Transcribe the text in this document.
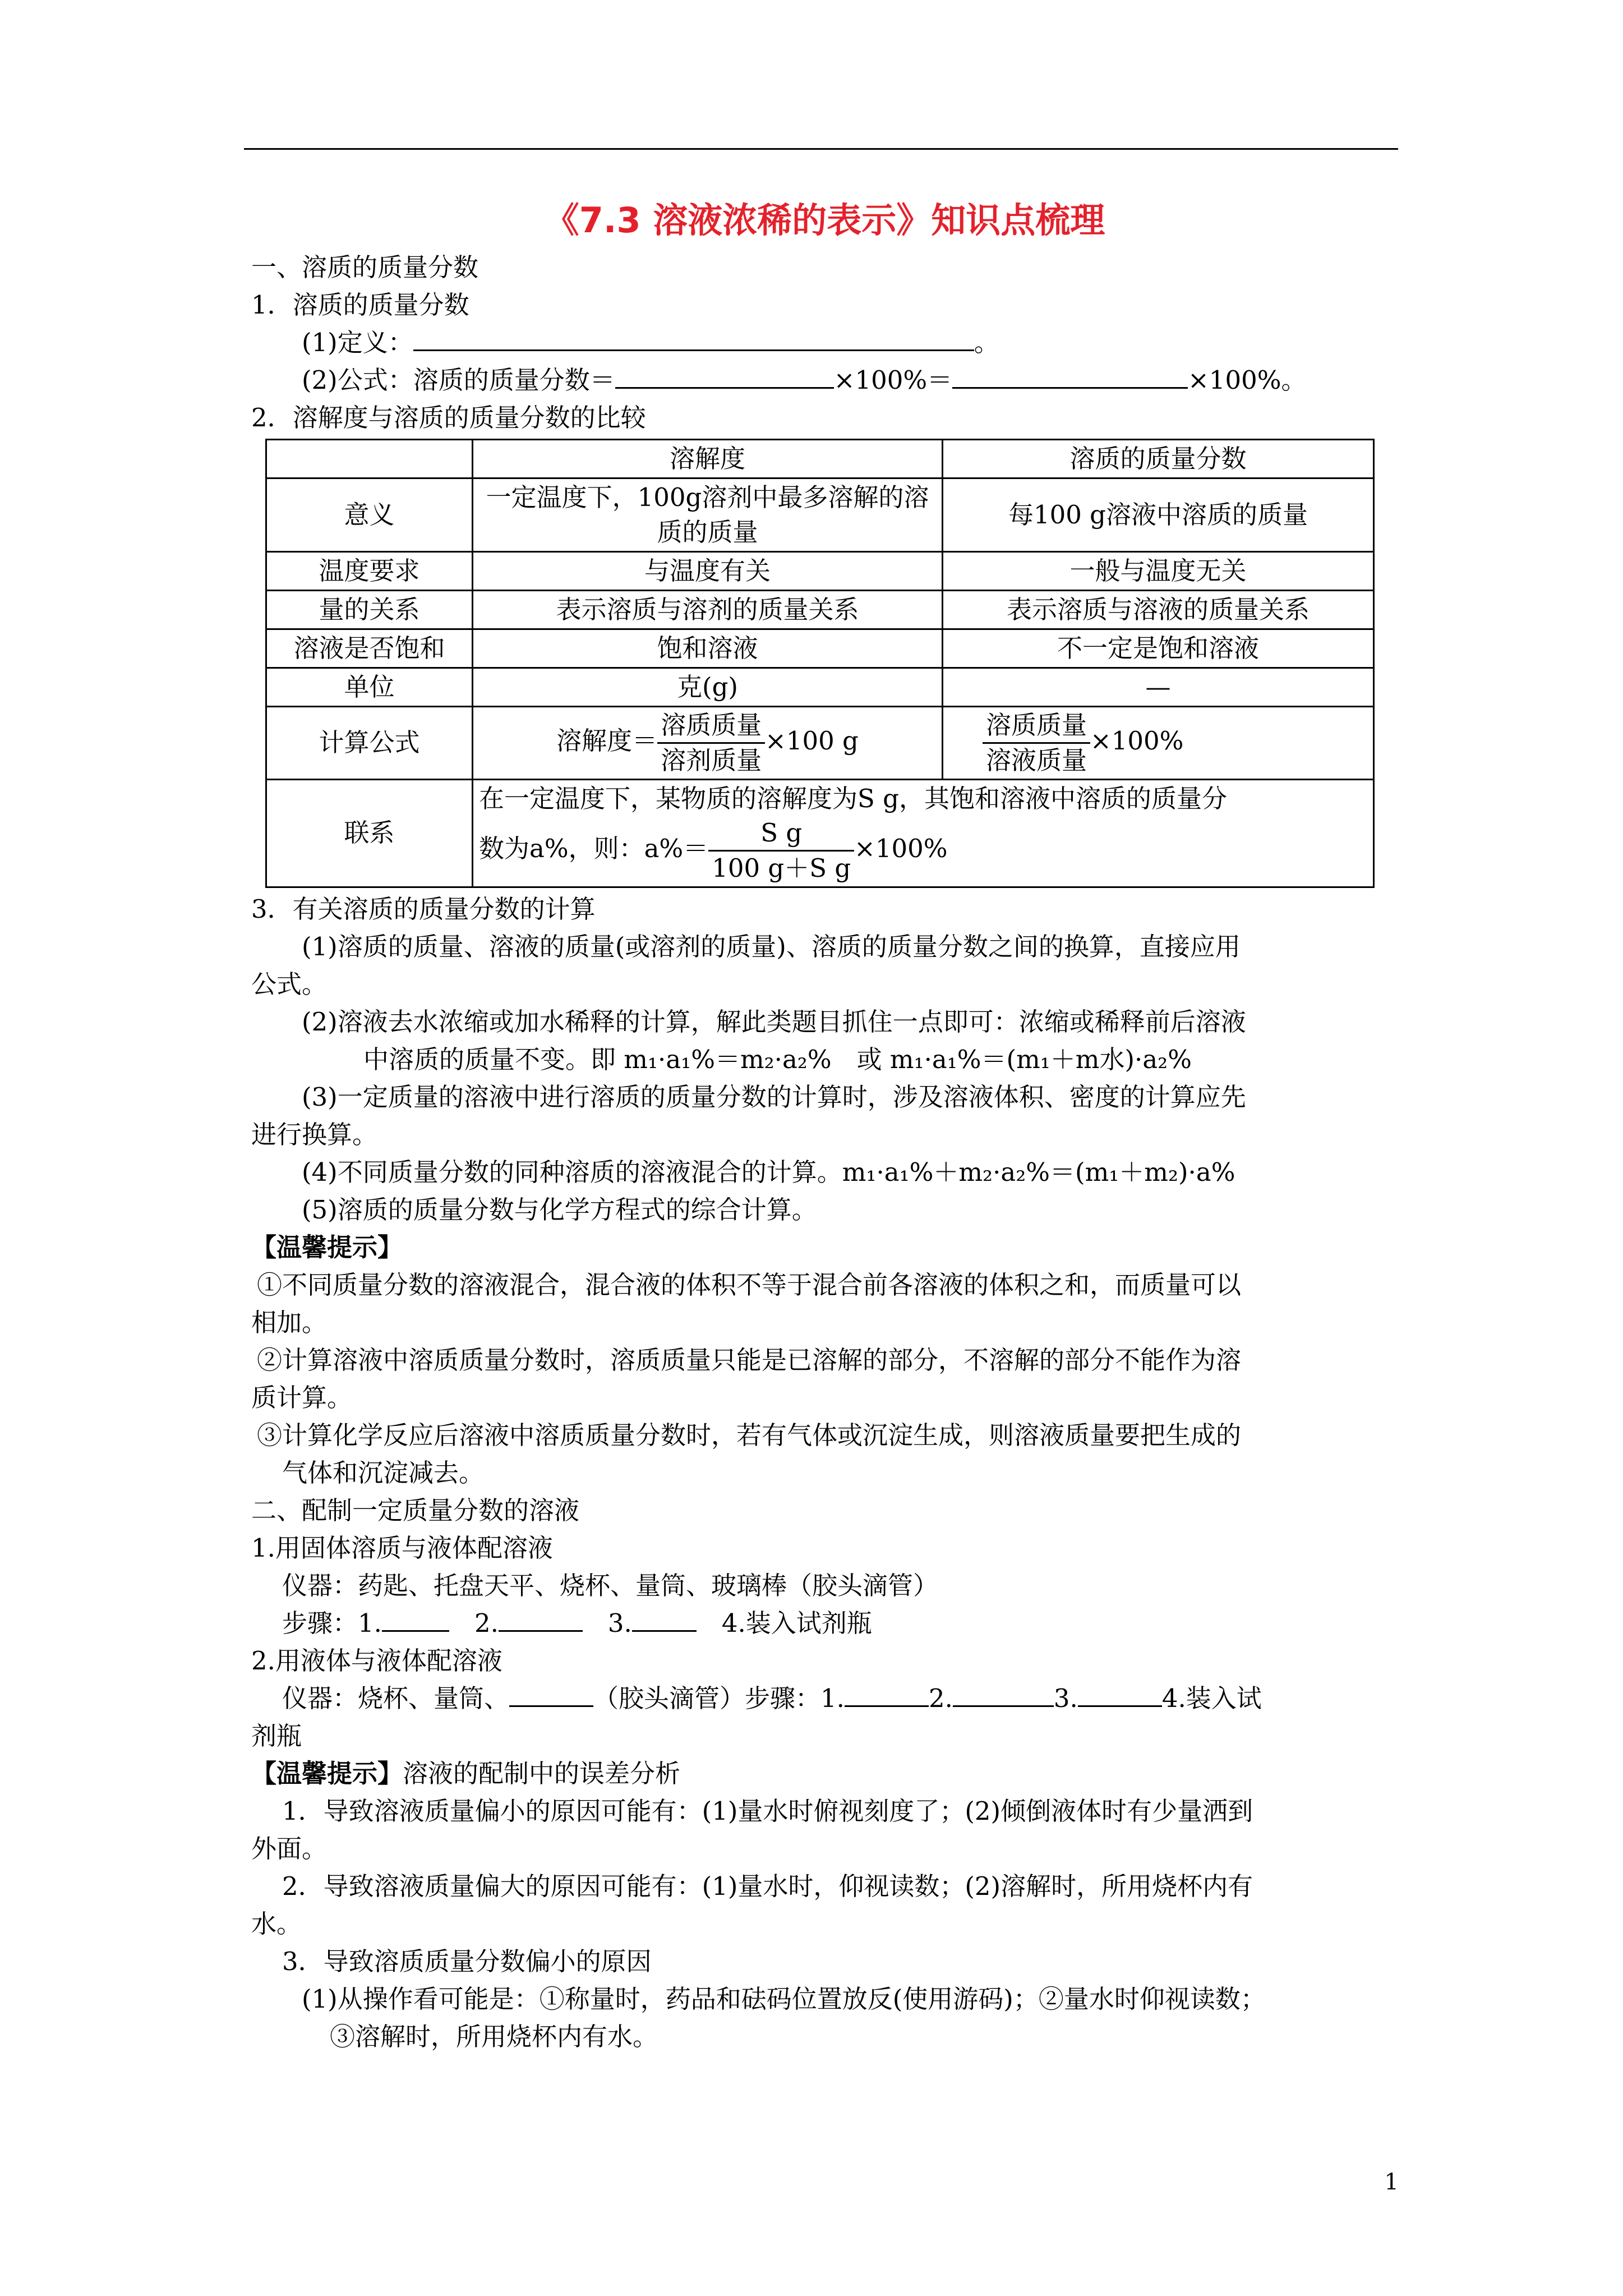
《7.3 溶液浓稀的表示》知识点梳理
一、溶质的质量分数
1．溶质的质量分数
(1)定义：	。
(2)公式：溶质的质量分数＝	×100%＝	×100%。
2．溶解度与溶质的质量分数的比较
	溶解度	溶质的质量分数
意义	一定温度下，100g溶剂中最多溶解的溶质的质量	每100 g溶液中溶质的质量
温度要求	与温度有关	一般与温度无关
量的关系	表示溶质与溶剂的质量关系	表示溶质与溶液的质量关系
溶液是否饱和	饱和溶液	不一定是饱和溶液
单位	克(g)	—
计算公式	溶解度＝ $\frac{\text{溶质质量}}{\text{溶剂质量}} \times 100$ g	$\frac{\text{溶质质量}}{\text{溶液质量}} \times 100\%$
联系	在一定温度下，某物质的溶解度为S g，其饱和溶液中溶质的质量分
数为a%，则：$a\%= \frac{\text{S g}}{\text{100 g＋S g}} \times 100\%$	
3．有关溶质的质量分数的计算
(1)溶质的质量、溶液的质量(或溶剂的质量)、溶质的质量分数之间的换算，直接应用
公式。
(2)溶液去水浓缩或加水稀释的计算，解此类题目抓住一点即可：浓缩或稀释前后溶液
中溶质的质量不变。即 m₁·a₁%＝m₂·a₂%　或 m₁·a₁%＝(m₁＋m水)·a₂%
(3)一定质量的溶液中进行溶质的质量分数的计算时，涉及溶液体积、密度的计算应先
进行换算。
(4)不同质量分数的同种溶质的溶液混合的计算。m₁·a₁%＋m₂·a₂%＝(m₁＋m₂)·a%
(5)溶质的质量分数与化学方程式的综合计算。
【温馨提示】
①不同质量分数的溶液混合，混合液的体积不等于混合前各溶液的体积之和，而质量可以
相加。
②计算溶液中溶质质量分数时，溶质质量只能是已溶解的部分，不溶解的部分不能作为溶
质计算。
③计算化学反应后溶液中溶质质量分数时，若有气体或沉淀生成，则溶液质量要把生成的
气体和沉淀减去。
二、配制一定质量分数的溶液
1.用固体溶质与液体配溶液
仪器：药匙、托盘天平、烧杯、量筒、玻璃棒（胶头滴管）
步骤：1.　	2.　	3.　	4.装入试剂瓶
2.用液体与液体配溶液
仪器：烧杯、量筒、	（胶头滴管）步骤：1.	2.	3.	4.装入试
剂瓶
【温馨提示】溶液的配制中的误差分析
1．导致溶液质量偏小的原因可能有：(1)量水时俯视刻度了；(2)倾倒液体时有少量洒到
外面。
2．导致溶液质量偏大的原因可能有：(1)量水时，仰视读数；(2)溶解时，所用烧杯内有
水。
3．导致溶质质量分数偏小的原因
(1)从操作看可能是：①称量时，药品和砝码位置放反(使用游码)；②量水时仰视读数；
③溶解时，所用烧杯内有水。
1
